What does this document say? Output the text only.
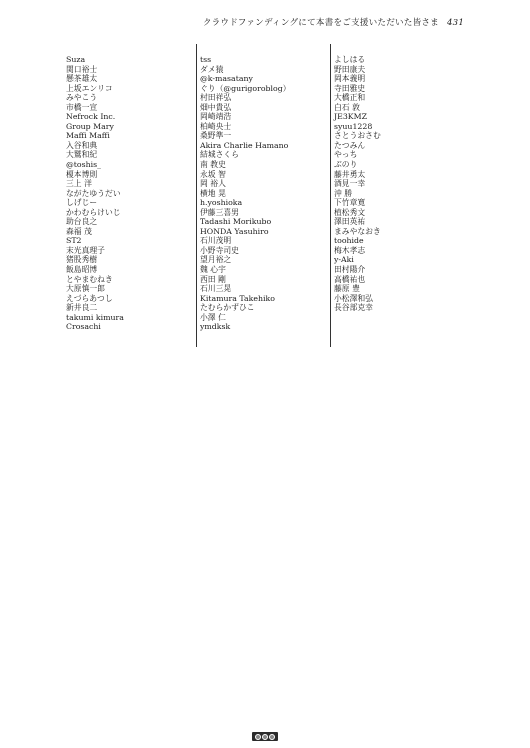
クラウドファンディングにて本書をご支援いただいた皆さま 431
Suza
関口裕士
懸茶雄太
上坂エンリコ
みやこう
市橋一宣
Nefrock Inc.
Group Mary
Maffi Maffi
入谷和典
大鷲和紀
@toshis_
榎本博則
三上 洋
ながたゆうだい
しげじー
かわむらけいじ
助台良之
森福 茂
ST2
末光真理子
猪股秀樹
飯島昭博
とやまむねき
大原慎一郎
えづらあつし
新井良二
takumi kimura
Crosachi
tss
ダメ猿
@k-masatany
ぐり（@gurigoroblog）
村田祥弘
畑中貴弘
岡崎靖浩
柏崎央士
桑野準一
Akira Charlie Hamano
結城さくら
南 教史
永坂 智
岡 裕人
横地 晃
h.yoshioka
伊藤三喜男
Tadashi Morikubo
HONDA Yasuhiro
石川茂明
小野寺司史
望月裕之
魏 心宇
西田 剛
石川三晃
Kitamura Takehiko
たむらかずひこ
小澤 仁
ymdksk
よしはる
野田康夫
岡本義明
寺田雅史
大橋正和
白石 敦
JE3KMZ
syuu1228
さとうおさむ
たつみん
やっち
ぶのり
藤井勇太
酒見一幸
沖 勝
下竹章寛
植松秀文
澤田英祐
まみやなおき
toohide
梅木孝志
y-Aki
田村陽介
高橋祐也
藤原 豊
小松澤和弘
長谷部克幸
